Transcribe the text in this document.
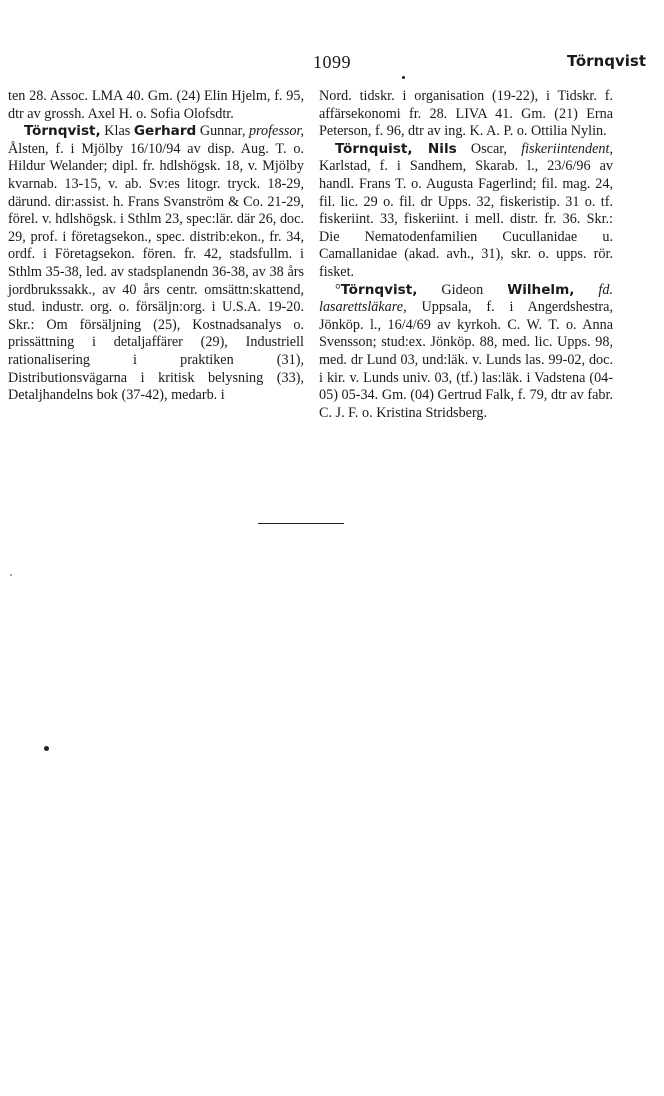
1099	Törnqvist

ten 28. Assoc. LMA 40. Gm. (24) Elin Hjelm, f. 95, dtr av grossh. Axel H. o. Sofia Olofsdtr.

Törnqvist, Klas Gerhard Gunnar, professor, Ålsten, f. i Mjölby 16/10/94 av disp. Aug. T. o. Hildur Welander; dipl. fr. hdlshögsk. 18, v. Mjölby kvarnab. 13-15, v. ab. Sv:es litogr. tryck. 18-29, därund. dir:assist. h. Frans Svanström & Co. 21-29, förel. v. hdlshögsk. i Sthlm 23, spec:lär. där 26, doc. 29, prof. i företagsekon., spec. distrib:ekon., fr. 34, ordf. i Företagsekon. fören. fr. 42, stadsfullm. i Sthlm 35-38, led. av stadsplanendn 36-38, av 38 års jordbrukssakk., av 40 års centr. omsättn:skattend, stud. industr. org. o. försäljn:org. i U.S.A. 19-20. Skr.: Om försäljning (25), Kostnadsanalys o. prissättning i detaljaffärer (29), Industriell rationalisering i praktiken (31), Distributionsvägarna i kritisk belysning (33), Detaljhandelns bok (37-42), medarb. i

Nord. tidskr. i organisation (19-22), i Tidskr. f. affärsekonomi fr. 28. LIVA 41. Gm. (21) Erna Peterson, f. 96, dtr av ing. K. A. P. o. Ottilia Nylin.

Törnquist, Nils Oscar, fiskeriintendent, Karlstad, f. i Sandhem, Skarab. l., 23/6/96 av handl. Frans T. o. Augusta Fagerlind; fil. mag. 24, fil. lic. 29 o. fil. dr Upps. 32, fiskeristip. 31 o. tf. fiskeriint. 33, fiskeriint. i mell. distr. fr. 36. Skr.: Die Nematodenfamilien Cucullanidae u. Camallanidae (akad. avh., 31), skr. o. upps. rör. fisket.

°Törnqvist, Gideon Wilhelm, fd. lasarettsläkare, Uppsala, f. i Angerdshestra, Jönköp. l., 16/4/69 av kyrkoh. C. W. T. o. Anna Svensson; stud:ex. Jönköp. 88, med. lic. Upps. 98, med. dr Lund 03, und:läk. v. Lunds las. 99-02, doc. i kir. v. Lunds univ. 03, (tf.) las:läk. i Vadstena (04-05) 05-34. Gm. (04) Gertrud Falk, f. 79, dtr av fabr. C. J. F. o. Kristina Stridsberg.
